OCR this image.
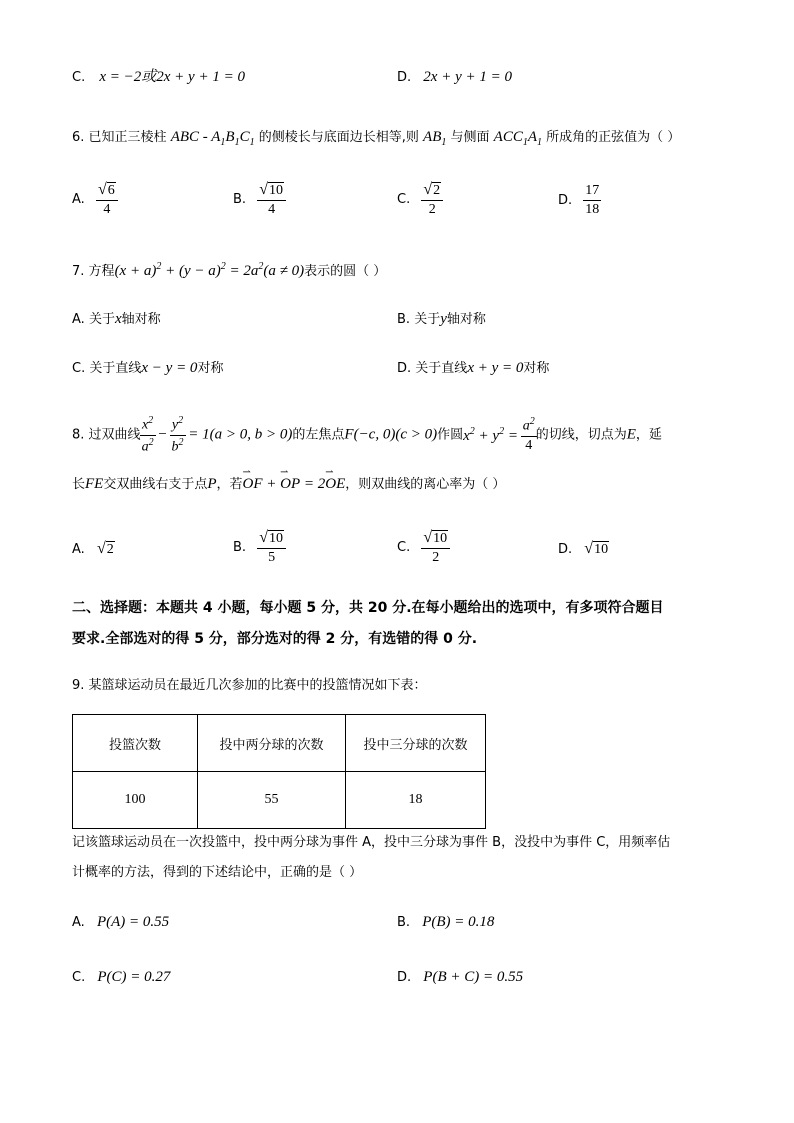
C. x = −2或2x + y + 1 = 0	D. 2x + y + 1 = 0
6. 已知正三棱柱 ABC - $A_1B_1C_1$ 的侧棱长与底面边长相等,则 $AB_1$ 与侧面 $ACC_1A_1$ 所成角的正弦值为（ ）
A. $\frac{√ 6}{4}$	B. $\frac{√ 10}{4}$	C. $\frac{√ 2}{2}$	D. $\frac{17}{18}$
7. 方程$(x + a)^2 + (y - a)^2 = 2a^2(a \ne 0)$表示的圆（ ）
A. 关于x轴对称	B. 关于y轴对称
C. 关于直线x − y = 0对称	D. 关于直线x + y = 0对称
8. 过双曲线 $\frac{x^2}{a^2} - \frac{y^2}{b^2} = 1(a > 0$, b > 0)的左焦点F(−c, 0)(c > 0)作圆$x^2 + y^2 = \frac{a^2}{4}$ 的切线，切点为E，延
长FE交双曲线右支于点P，若⇀ OF + ⇀ OP = 2⇀ OE，则双曲线的离心率为（ ）
A. √ 2	B. $\frac{√ 10}{5}$	C. $\frac{√ 10}{2}$	D. √ 10
二、选择题：本题共 4 小题，每小题 5 分，共 20 分.在每小题给出的选项中，有多项符合题目
要求.全部选对的得 5 分，部分选对的得 2 分，有选错的得 0 分.
9. 某篮球运动员在最近几次参加的比赛中的投篮情况如下表：
投篮次数	投中两分球的次数	投中三分球的次数
100	55	18
记该篮球运动员在一次投篮中，投中两分球为事件 A，投中三分球为事件 B，没投中为事件 C，用频率估
计概率的方法，得到的下述结论中，正确的是（ ）
A. P(A) = 0.55	B. P(B) = 0.18
C. P(C) = 0.27	D. P(B + C) = 0.55
